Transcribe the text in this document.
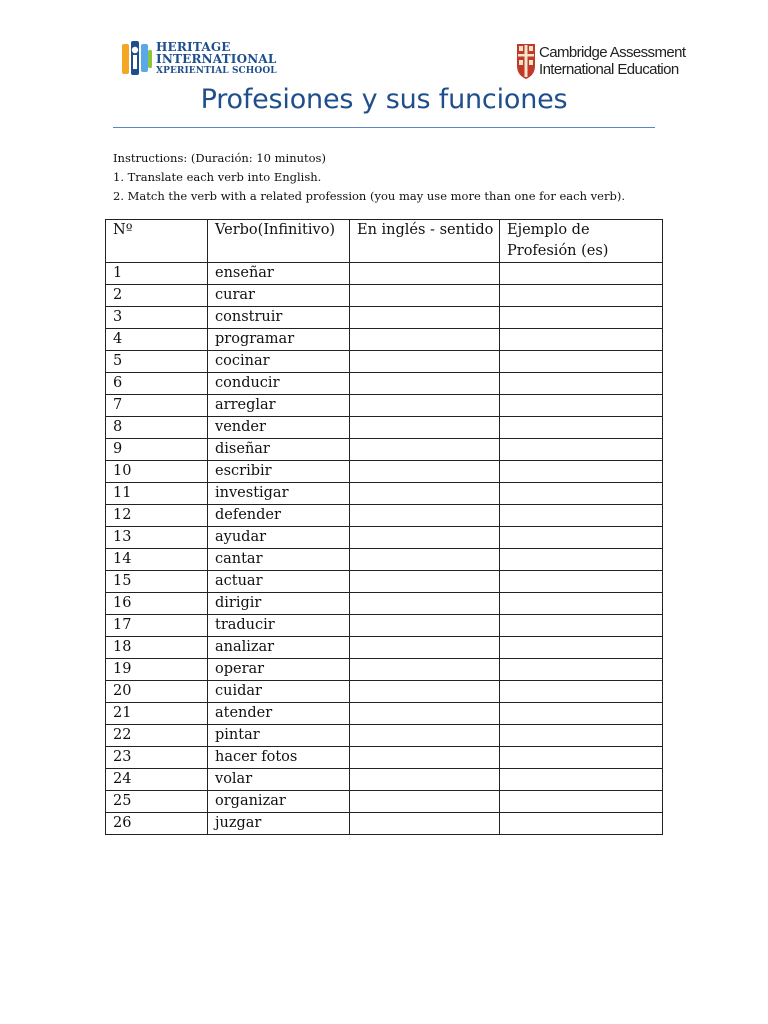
HERITAGE
INTERNATIONAL
XPERIENTIAL SCHOOL
Cambridge Assessment
International Education
Profesiones y sus funciones
Instructions: (Duración: 10 minutos)
1. Translate each verb into English.
2. Match the verb with a related profession (you may use more than one for each verb).
Nº	Verbo(Infinitivo)	En inglés - sentido	Ejemplo de Profesión (es)
1	enseñar		
2	curar		
3	construir		
4	programar		
5	cocinar		
6	conducir		
7	arreglar		
8	vender		
9	diseñar		
10	escribir		
11	investigar		
12	defender		
13	ayudar		
14	cantar		
15	actuar		
16	dirigir		
17	traducir		
18	analizar		
19	operar		
20	cuidar		
21	atender		
22	pintar		
23	hacer fotos		
24	volar		
25	organizar		
26	juzgar		
